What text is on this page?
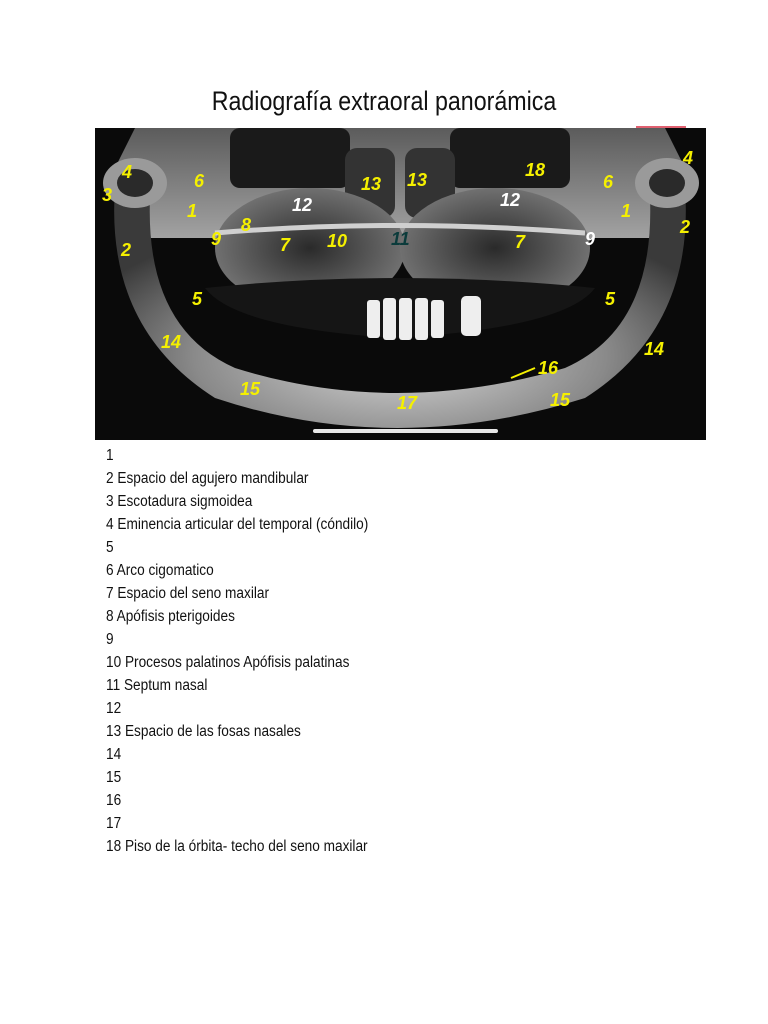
Radiografía extraoral panorámica
4
3
6
1
2
8
9	7
12
13 13
10 11
18
12
7	9
6
1
4
2
5	5
14	14
15
17
16
15
1
2 Espacio del agujero mandibular
3 Escotadura sigmoidea
4 Eminencia articular del temporal (cóndilo)
5
6 Arco cigomatico
7 Espacio del seno maxilar
8 Apófisis pterigoides
9
10 Procesos palatinos Apófisis palatinas
11 Septum nasal
12
13 Espacio de las fosas nasales
14
15
16
17
18 Piso de la órbita- techo del seno maxilar
